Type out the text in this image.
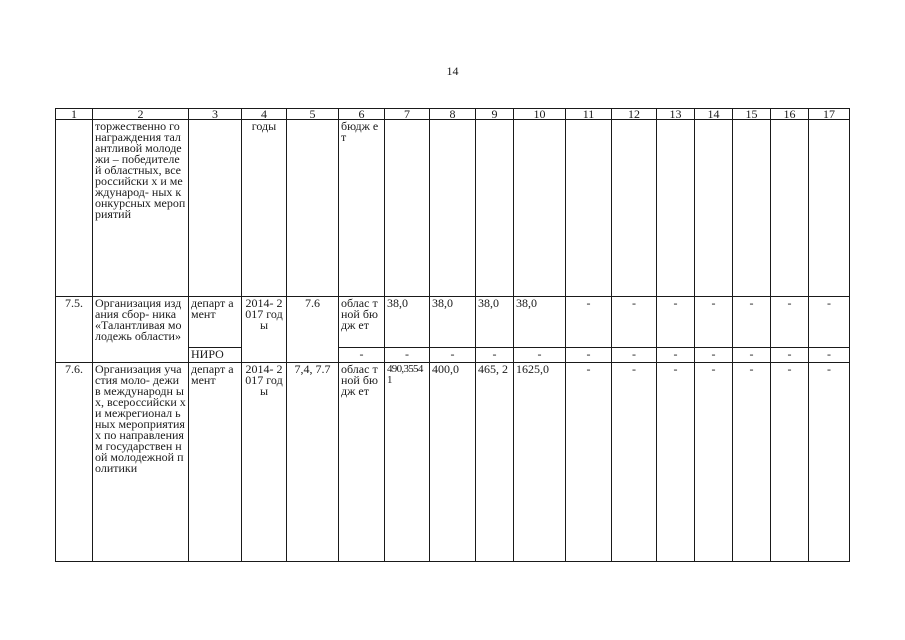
14
1	2	3	4	5	6	7	8	9	10	11	12	13	14	15	16	17
	торжественно го награждения талантливой молодежи – победителей областных, всероссийски х и международ- ных конкурсных мероприятий		годы		бюдж ет											
7.5.	Организация издания сбор- ника «Талантливая молодежь области»	департ амент	2014- 2017 годы	7.6	облас тной бюдж ет	38,0	38,0	38,0	38,0	-	-	-	-	-	-	-
		НИРО			-	-	-	-	-	-	-	-	-	-	-	-
7.6.	Организация участия моло- дежи в международн ых, всероссийски х и межрегионал ьных мероприятиях по направлениям государствен ной молодежной политики	департ амент	2014- 2017 годы	7,4, 7.7	облас тной бюдж ет	490,3554 1	400,0	465, 2	1625,0	-	-	-	-	-	-	-
